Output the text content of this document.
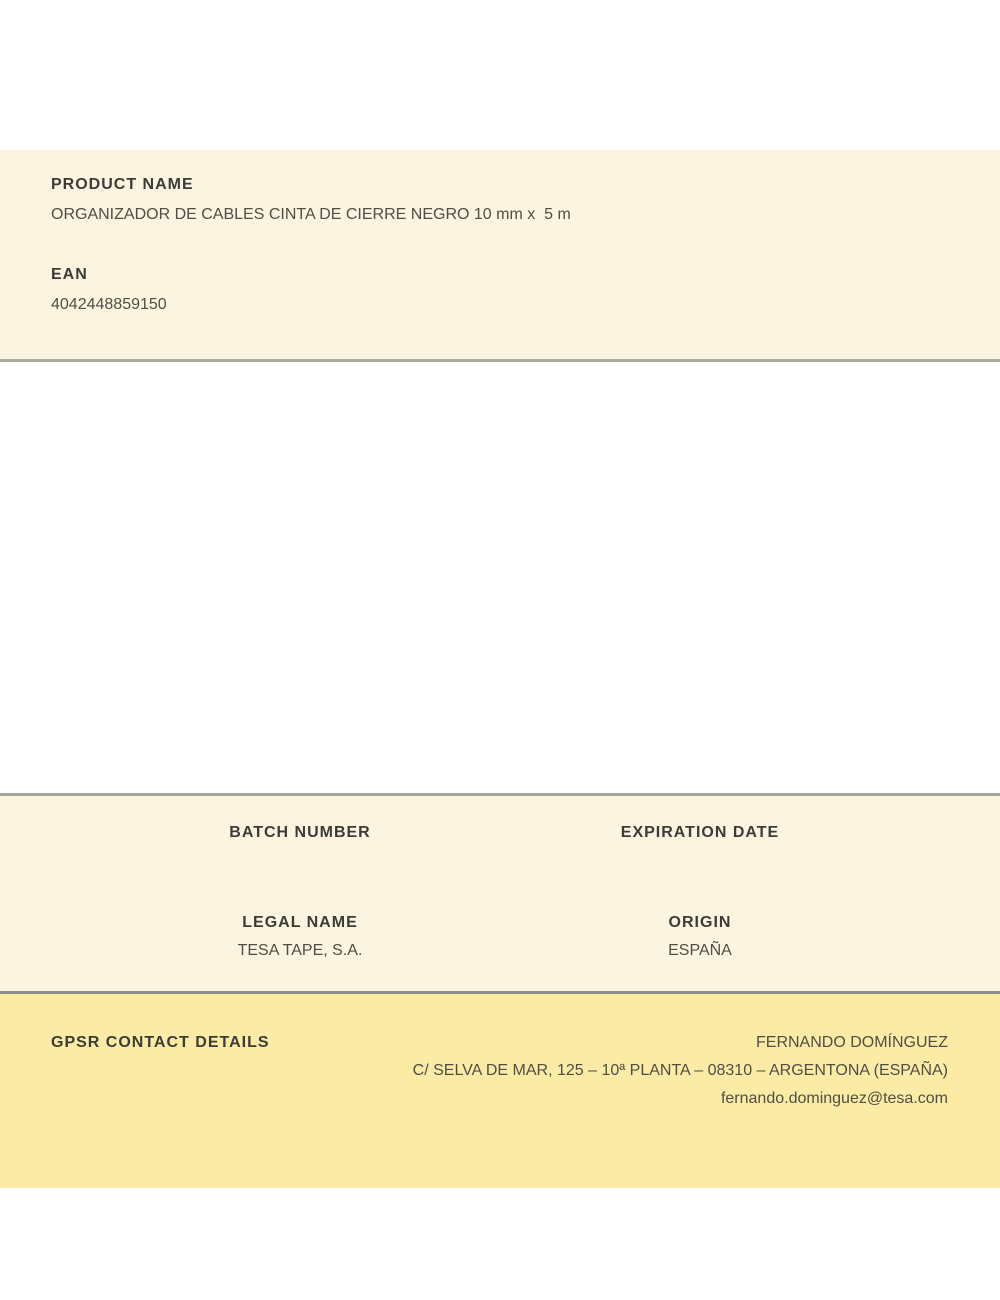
PRODUCT NAME
ORGANIZADOR DE CABLES CINTA DE CIERRE NEGRO 10 mm x  5 m
EAN
4042448859150
BATCH NUMBER	EXPIRATION DATE
LEGAL NAME
TESA TAPE, S.A.
ORIGIN
ESPAÑA
GPSR CONTACT DETAILS	FERNANDO DOMÍNGUEZ
C/ SELVA DE MAR, 125 – 10ª PLANTA – 08310 – ARGENTONA (ESPAÑA)
fernando.dominguez@tesa.com
